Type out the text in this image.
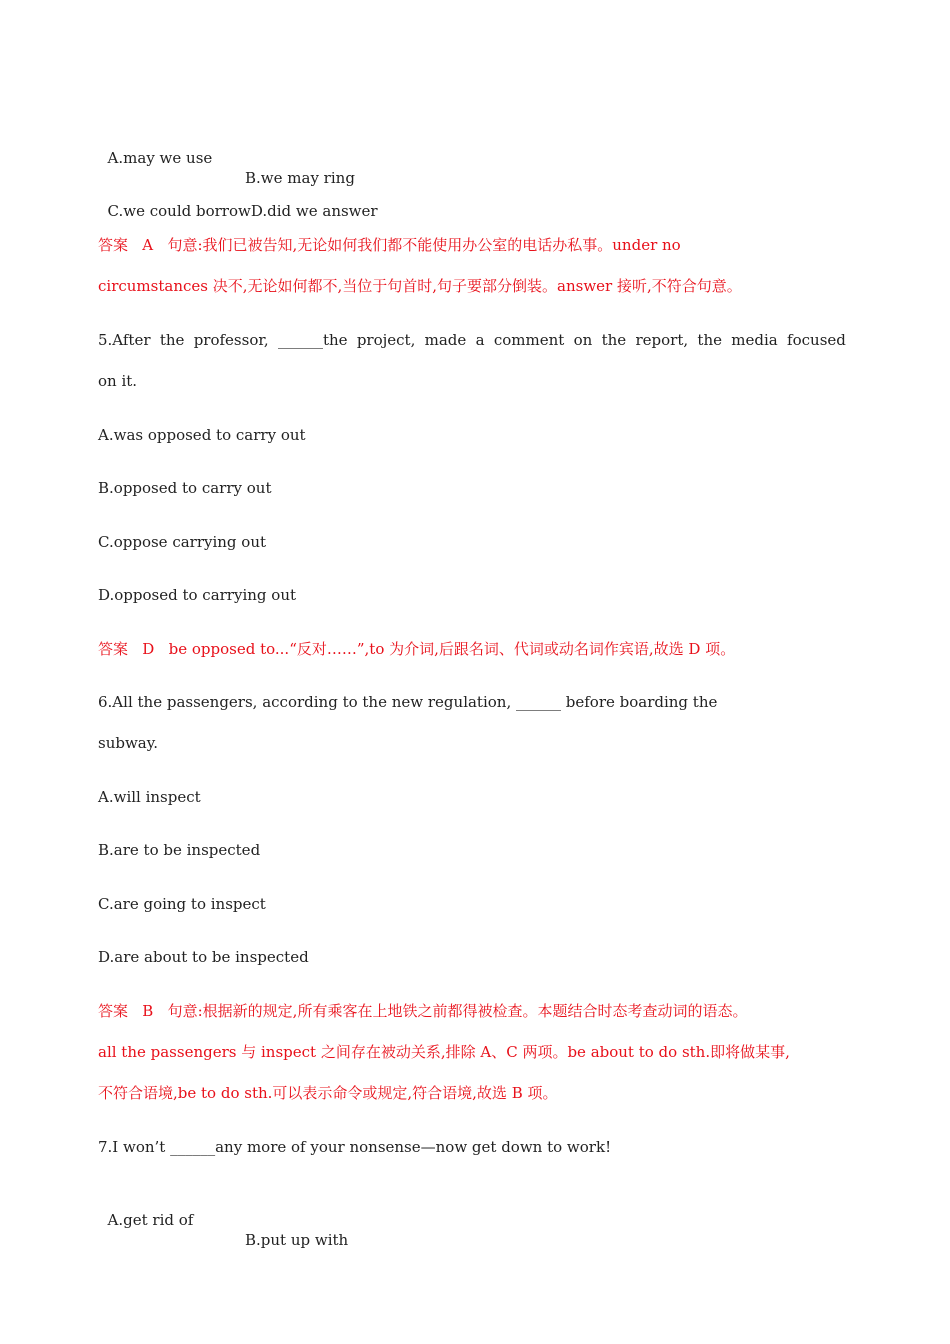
A.may we use

B.we may ring

C.we could borrowD.did we answer

答案   A   句意:我们已被告知,无论如何我们都不能使用办公室的电话办私事。under no
circumstances 决不,无论如何都不,当位于句首时,句子要部分倒装。answer 接听,不符合句意。
5.After the professor, ______the project, made a comment on the report, the media focused
on it.
A.was opposed to carry out
B.opposed to carry out
C.oppose carrying out
D.opposed to carrying out
答案   D   be opposed to...“反对……”,to 为介词,后跟名词、代词或动名词作宾语,故选 D 项。
6.All the passengers, according to the new regulation, ______ before boarding the
subway.
A.will inspect
B.are to be inspected
C.are going to inspect
D.are about to be inspected
答案   B   句意:根据新的规定,所有乘客在上地铁之前都得被检查。本题结合时态考查动词的语态。
all the passengers 与 inspect 之间存在被动关系,排除 A、C 两项。be about to do sth.即将做某事,
不符合语境,be to do sth.可以表示命令或规定,符合语境,故选 B 项。
7.I won’t ______any more of your nonsense—now get down to work!

A.get rid of

B.put up with
